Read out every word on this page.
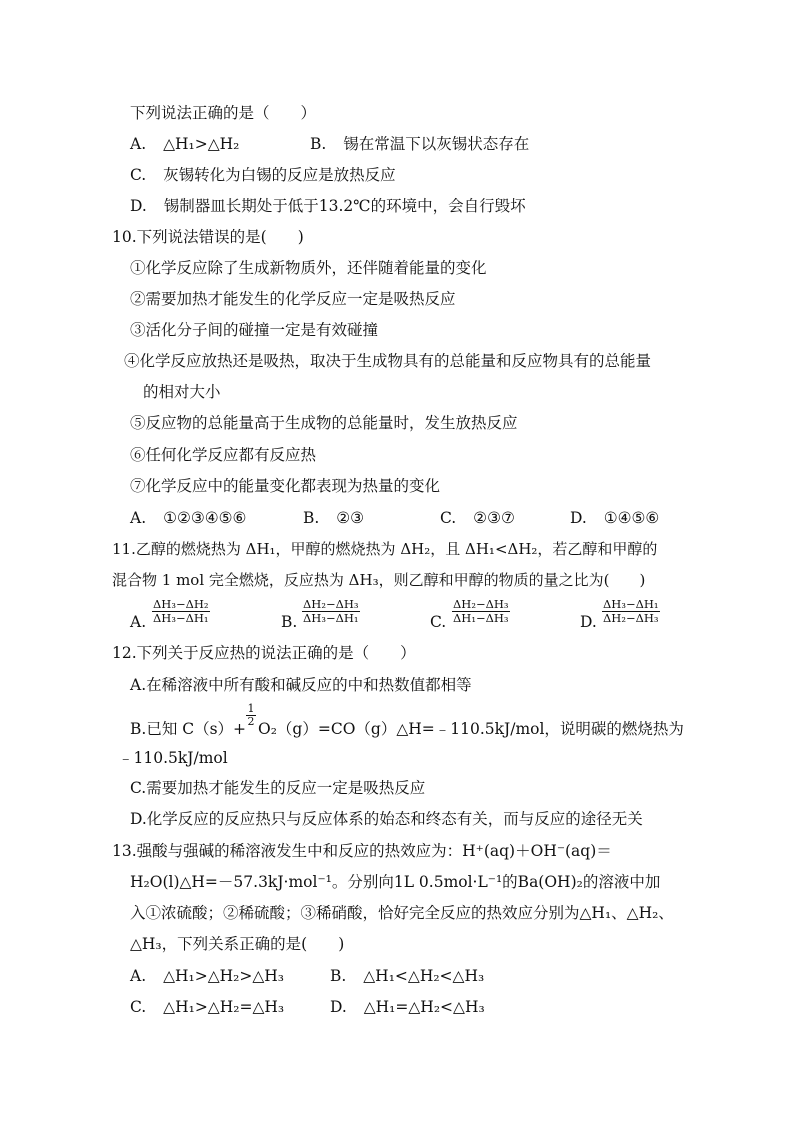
下列说法正确的是（　　）
A. △H₁>△H₂	B. 锡在常温下以灰锡状态存在
C. 灰锡转化为白锡的反应是放热反应
D. 锡制器皿长期处于低于13.2℃的环境中，会自行毁坏
10.下列说法错误的是(　　)
①化学反应除了生成新物质外，还伴随着能量的变化
②需要加热才能发生的化学反应一定是吸热反应
③活化分子间的碰撞一定是有效碰撞
④化学反应放热还是吸热，取决于生成物具有的总能量和反应物具有的总能量
的相对大小
⑤反应物的总能量高于生成物的总能量时，发生放热反应
⑥任何化学反应都有反应热
⑦化学反应中的能量变化都表现为热量的变化
A. ①②③④⑤⑥	B. ②③	C. ②③⑦	D. ①④⑤⑥
11.乙醇的燃烧热为 ΔH₁，甲醇的燃烧热为 ΔH₂，且 ΔH₁<ΔH₂，若乙醇和甲醇的
混合物 1 mol 完全燃烧，反应热为 ΔH₃，则乙醇和甲醇的物质的量之比为(　　)
A. $\frac{\text{ΔH₃−ΔH₂}}{\text{ΔH₃−ΔH₁}}$	B. $\frac{\text{ΔH₂−ΔH₃}}{\text{ΔH₃−ΔH₁}}$	C. $\frac{\text{ΔH₂−ΔH₃}}{\text{ΔH₁−ΔH₃}}$	D. $\frac{\text{ΔH₃−ΔH₁}}{\text{ΔH₂−ΔH₃}}$
12.下列关于反应热的说法正确的是（　　）
A.在稀溶液中所有酸和碱反应的中和热数值都相等
B.已知 C（s）+
$\frac{1}{2}$
O₂（g）=CO（g）△H=﹣110.5kJ/mol，说明碳的燃烧热为
﹣110.5kJ/mol
C.需要加热才能发生的反应一定是吸热反应
D.化学反应的反应热只与反应体系的始态和终态有关，而与反应的途径无关
13.强酸与强碱的稀溶液发生中和反应的热效应为：H⁺(aq)＋OH⁻(aq)＝
H₂O(l)△H=－57.3kJ·mol⁻¹。分别向1L 0.5mol·L⁻¹的Ba(OH)₂的溶液中加
入①浓硫酸；②稀硫酸；③稀硝酸，恰好完全反应的热效应分别为△H₁、△H₂、
△H₃，下列关系正确的是(　　)
A. △H₁>△H₂>△H₃	B. △H₁<△H₂<△H₃
C. △H₁>△H₂=△H₃	D. △H₁=△H₂<△H₃
